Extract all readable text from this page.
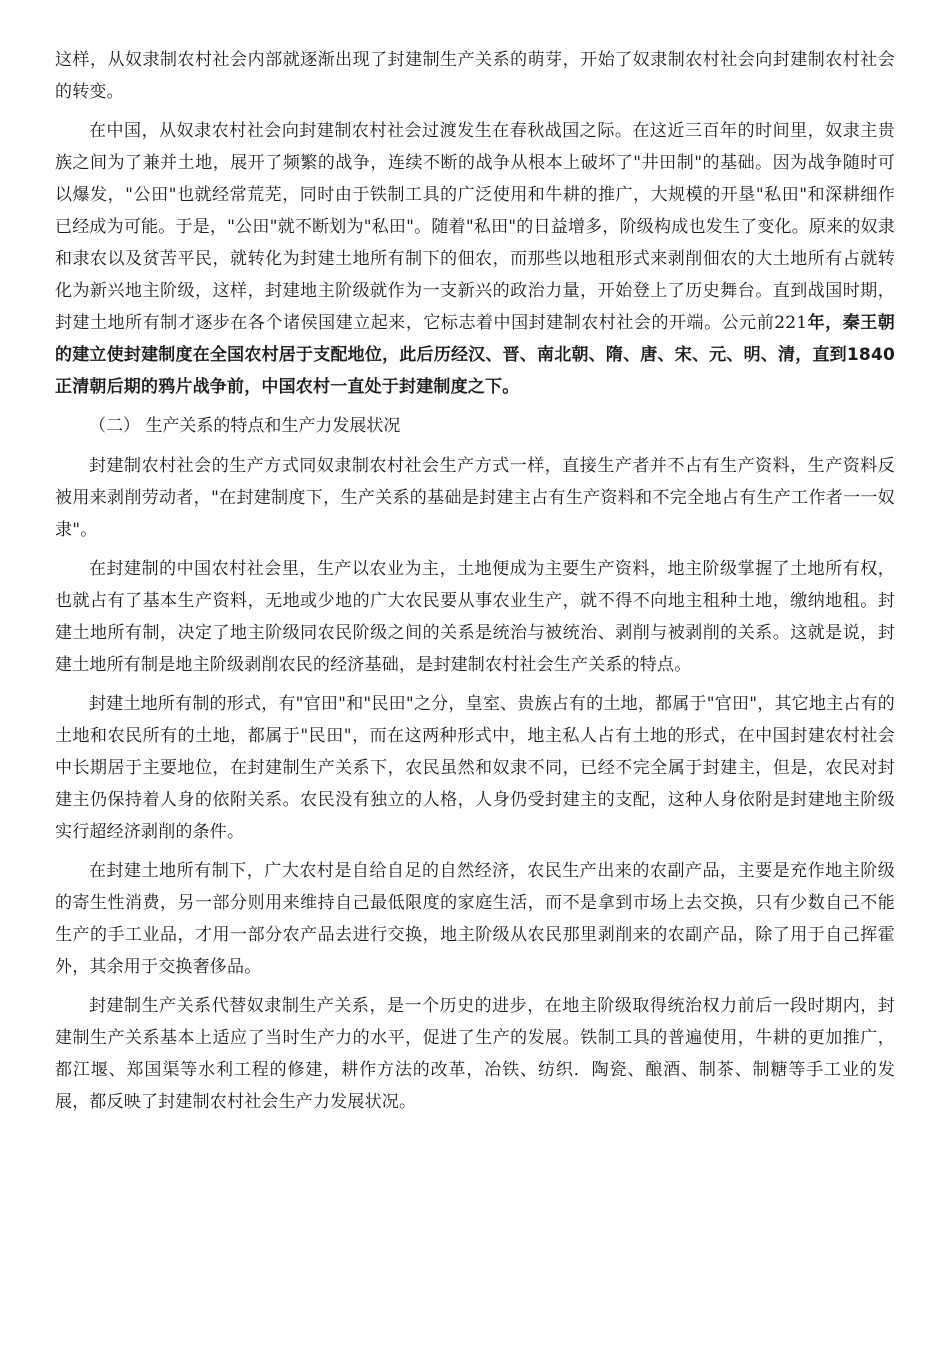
这样，从奴隶制农村社会内部就逐渐出现了封建制生产关系的萌芽，开始了奴隶制农村社会向封建制农村社会的转变。

在中国，从奴隶农村社会向封建制农村社会过渡发生在春秋战国之际。在这近三百年的时间里，奴隶主贵族之间为了兼并土地，展开了频繁的战争，连续不断的战争从根本上破坏了"井田制"的基础。因为战争随时可以爆发，"公田"也就经常荒芜，同时由于铁制工具的广泛使用和牛耕的推广，大规模的开垦"私田"和深耕细作已经成为可能。于是，"公田"就不断划为"私田"。随着"私田"的日益增多，阶级构成也发生了变化。原来的奴隶和隶农以及贫苦平民，就转化为封建土地所有制下的佃农，而那些以地租形式来剥削佃农的大土地所有占就转化为新兴地主阶级，这样，封建地主阶级就作为一支新兴的政治力量，开始登上了历史舞台。直到战国时期，封建土地所有制才逐步在各个诸侯国建立起来，它标志着中国封建制农村社会的开端。公元前221年，秦王朝的建立使封建制度在全国农村居于支配地位，此后历经汉、晋、南北朝、隋、唐、宋、元、明、清，直到1840正清朝后期的鸦片战争前，中国农村一直处于封建制度之下。

（二） 生产关系的特点和生产力发展状况

封建制农村社会的生产方式同奴隶制农村社会生产方式一样，直接生产者并不占有生产资料，生产资料反被用来剥削劳动者，"在封建制度下，生产关系的基础是封建主占有生产资料和不完全地占有生产工作者一一奴隶"。

在封建制的中国农村社会里，生产以农业为主，土地便成为主要生产资料，地主阶级掌握了土地所有权，也就占有了基本生产资料，无地或少地的广大农民要从事农业生产，就不得不向地主租种土地，缴纳地租。封建土地所有制，决定了地主阶级同农民阶级之间的关系是统治与被统治、剥削与被剥削的关系。这就是说，封建土地所有制是地主阶级剥削农民的经济基础，是封建制农村社会生产关系的特点。

封建土地所有制的形式，有"官田"和"民田"之分，皇室、贵族占有的土地，都属于"官田"，其它地主占有的土地和农民所有的土地，都属于"民田"，而在这两种形式中，地主私人占有土地的形式，在中国封建农村社会中长期居于主要地位，在封建制生产关系下，农民虽然和奴隶不同，已经不完全属于封建主，但是，农民对封建主仍保持着人身的依附关系。农民没有独立的人格，人身仍受封建主的支配，这种人身依附是封建地主阶级实行超经济剥削的条件。

在封建土地所有制下，广大农村是自给自足的自然经济，农民生产出来的农副产品，主要是充作地主阶级的寄生性消费，另一部分则用来维持自己最低限度的家庭生活，而不是拿到市场上去交换，只有少数自己不能生产的手工业品，才用一部分农产品去进行交换，地主阶级从农民那里剥削来的农副产品，除了用于自己挥霍外，其余用于交换奢侈品。

封建制生产关系代替奴隶制生产关系，是一个历史的进步，在地主阶级取得统治权力前后一段时期内，封建制生产关系基本上适应了当时生产力的水平，促进了生产的发展。铁制工具的普遍使用，牛耕的更加推广，都江堰、郑国渠等水利工程的修建，耕作方法的改革，冶铁、纺织．陶瓷、酿酒、制茶、制糖等手工业的发展，都反映了封建制农村社会生产力发展状况。
